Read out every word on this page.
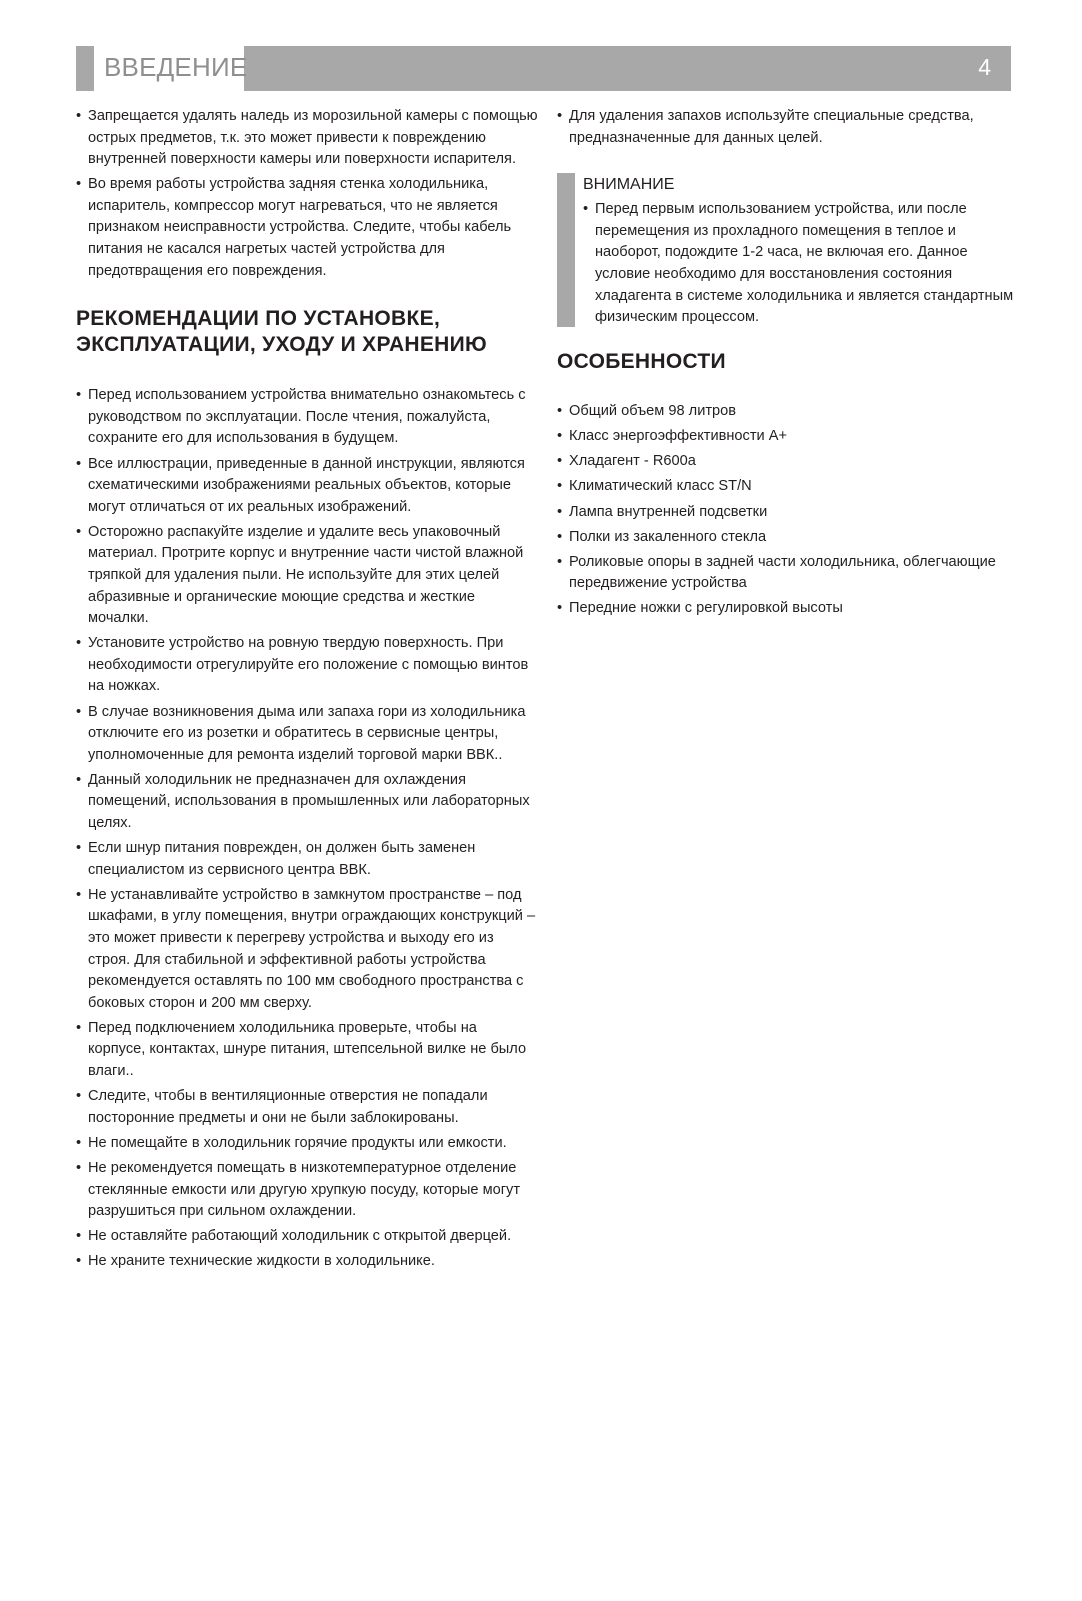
ВВЕДЕНИЕ	4
• Запрещается удалять наледь из морозильной камеры с помощью острых предметов, т.к. это может привести к повреждению внутренней поверхности камеры или поверхности испарителя.
• Во время работы устройства задняя стенка холодильника, испаритель, компрессор могут нагреваться, что не является признаком неисправности устройства. Следите, чтобы кабель питания не касался нагретых частей устройства для предотвращения его повреждения.
РЕКОМЕНДАЦИИ ПО УСТАНОВКЕ, ЭКСПЛУАТАЦИИ, УХОДУ И ХРАНЕНИЮ
• Перед использованием устройства внимательно ознакомьтесь с руководством по эксплуатации. После чтения, пожалуйста, сохраните его для использования в будущем.
• Все иллюстрации, приведенные в данной инструкции, являются схематическими изображениями реальных объектов, которые могут отличаться от их реальных изображений.
• Осторожно распакуйте изделие и удалите весь упаковочный материал. Протрите корпус и внутренние части чистой влажной тряпкой для удаления пыли. Не используйте для этих целей абразивные и органические моющие средства и жесткие мочалки.
• Установите устройство на ровную твердую поверхность. При необходимости отрегулируйте его положение с помощью винтов на ножках.
• В случае возникновения дыма или запаха гори из холодильника отключите его из розетки и обратитесь в сервисные центры, уполномоченные для ремонта изделий торговой марки ВВК..
• Данный холодильник не предназначен для охлаждения помещений, использования в промышленных или лабораторных целях.
• Если шнур питания поврежден, он должен быть заменен специалистом из сервисного центра ВВК.
• Не устанавливайте устройство в замкнутом пространстве – под шкафами, в углу помещения, внутри ограждающих конструкций – это может привести к перегреву устройства и выходу его из строя. Для стабильной и эффективной работы устройства рекомендуется оставлять по 100 мм свободного пространства с боковых сторон и 200 мм сверху.
• Перед подключением холодильника проверьте, чтобы на корпусе, контактах, шнуре питания, штепсельной вилке не было влаги..
• Следите, чтобы в вентиляционные отверстия не попадали посторонние предметы и они не были заблокированы.
• Не помещайте в холодильник горячие продукты или емкости.
• Не рекомендуется помещать в низкотемпературное отделение стеклянные емкости или другую хрупкую посуду, которые могут разрушиться при сильном охлаждении.
• Не оставляйте работающий холодильник с открытой дверцей.
• Не храните технические жидкости в холодильнике.
• Для удаления запахов используйте специальные средства, предназначенные для данных целей.
ВНИМАНИЕ
• Перед первым использованием устройства, или после перемещения из прохладного помещения в теплое и наоборот, подождите 1-2 часа, не включая его. Данное условие необходимо для восстановления состояния хладагента в системе холодильника и является стандартным физическим процессом.
ОСОБЕННОСТИ
• Общий объем 98 литров
• Класс энергоэффективности А+
• Хладагент - R600a
• Климатический класс ST/N
• Лампа внутренней подсветки
• Полки из закаленного стекла
• Роликовые опоры в задней части холодильника, облегчающие передвижение устройства
• Передние ножки с регулировкой высоты
